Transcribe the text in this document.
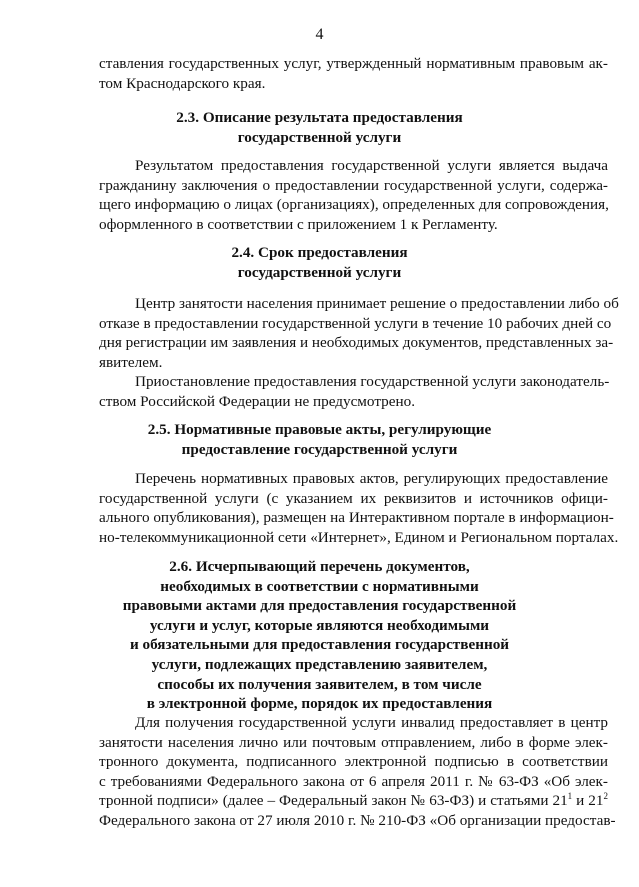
4
ставления государственных услуг, утвержденный нормативным правовым ак-
том Краснодарского края.
2.3. Описание результата предоставления
государственной услуги
Результатом предоставления государственной услуги является выдача
гражданину заключения о предоставлении государственной услуги, содержа-
щего информацию о лицах (организациях), определенных для сопровождения,
оформленного в соответствии с приложением 1 к Регламенту.
2.4. Срок предоставления
государственной услуги
Центр занятости населения принимает решение о предоставлении либо об
отказе в предоставлении государственной услуги в течение 10 рабочих дней со
дня регистрации им заявления и необходимых документов, представленных за-
явителем.
Приостановление предоставления государственной услуги законодатель-
ством Российской Федерации не предусмотрено.
2.5. Нормативные правовые акты, регулирующие
предоставление государственной услуги
Перечень нормативных правовых актов, регулирующих предоставление
государственной услуги (с указанием их реквизитов и источников офици-
ального опубликования), размещен на Интерактивном портале в информацион-
но-телекоммуникационной сети «Интернет», Едином и Региональном порталах.
2.6. Исчерпывающий перечень документов,
необходимых в соответствии с нормативными
правовыми актами для предоставления государственной
услуги и услуг, которые являются необходимыми
и обязательными для предоставления государственной
услуги, подлежащих представлению заявителем,
способы их получения заявителем, в том числе
в электронной форме, порядок их предоставления
Для получения государственной услуги инвалид предоставляет в центр
занятости населения лично или почтовым отправлением, либо в форме элек-
тронного документа, подписанного электронной подписью в соответствии
с требованиями Федерального закона от 6 апреля 2011 г. № 63-ФЗ «Об элек-
тронной подписи» (далее – Федеральный закон № 63-ФЗ) и статьями $21^1$ и $21^2$
Федерального закона от 27 июля 2010 г. № 210-ФЗ «Об организации предостав-
